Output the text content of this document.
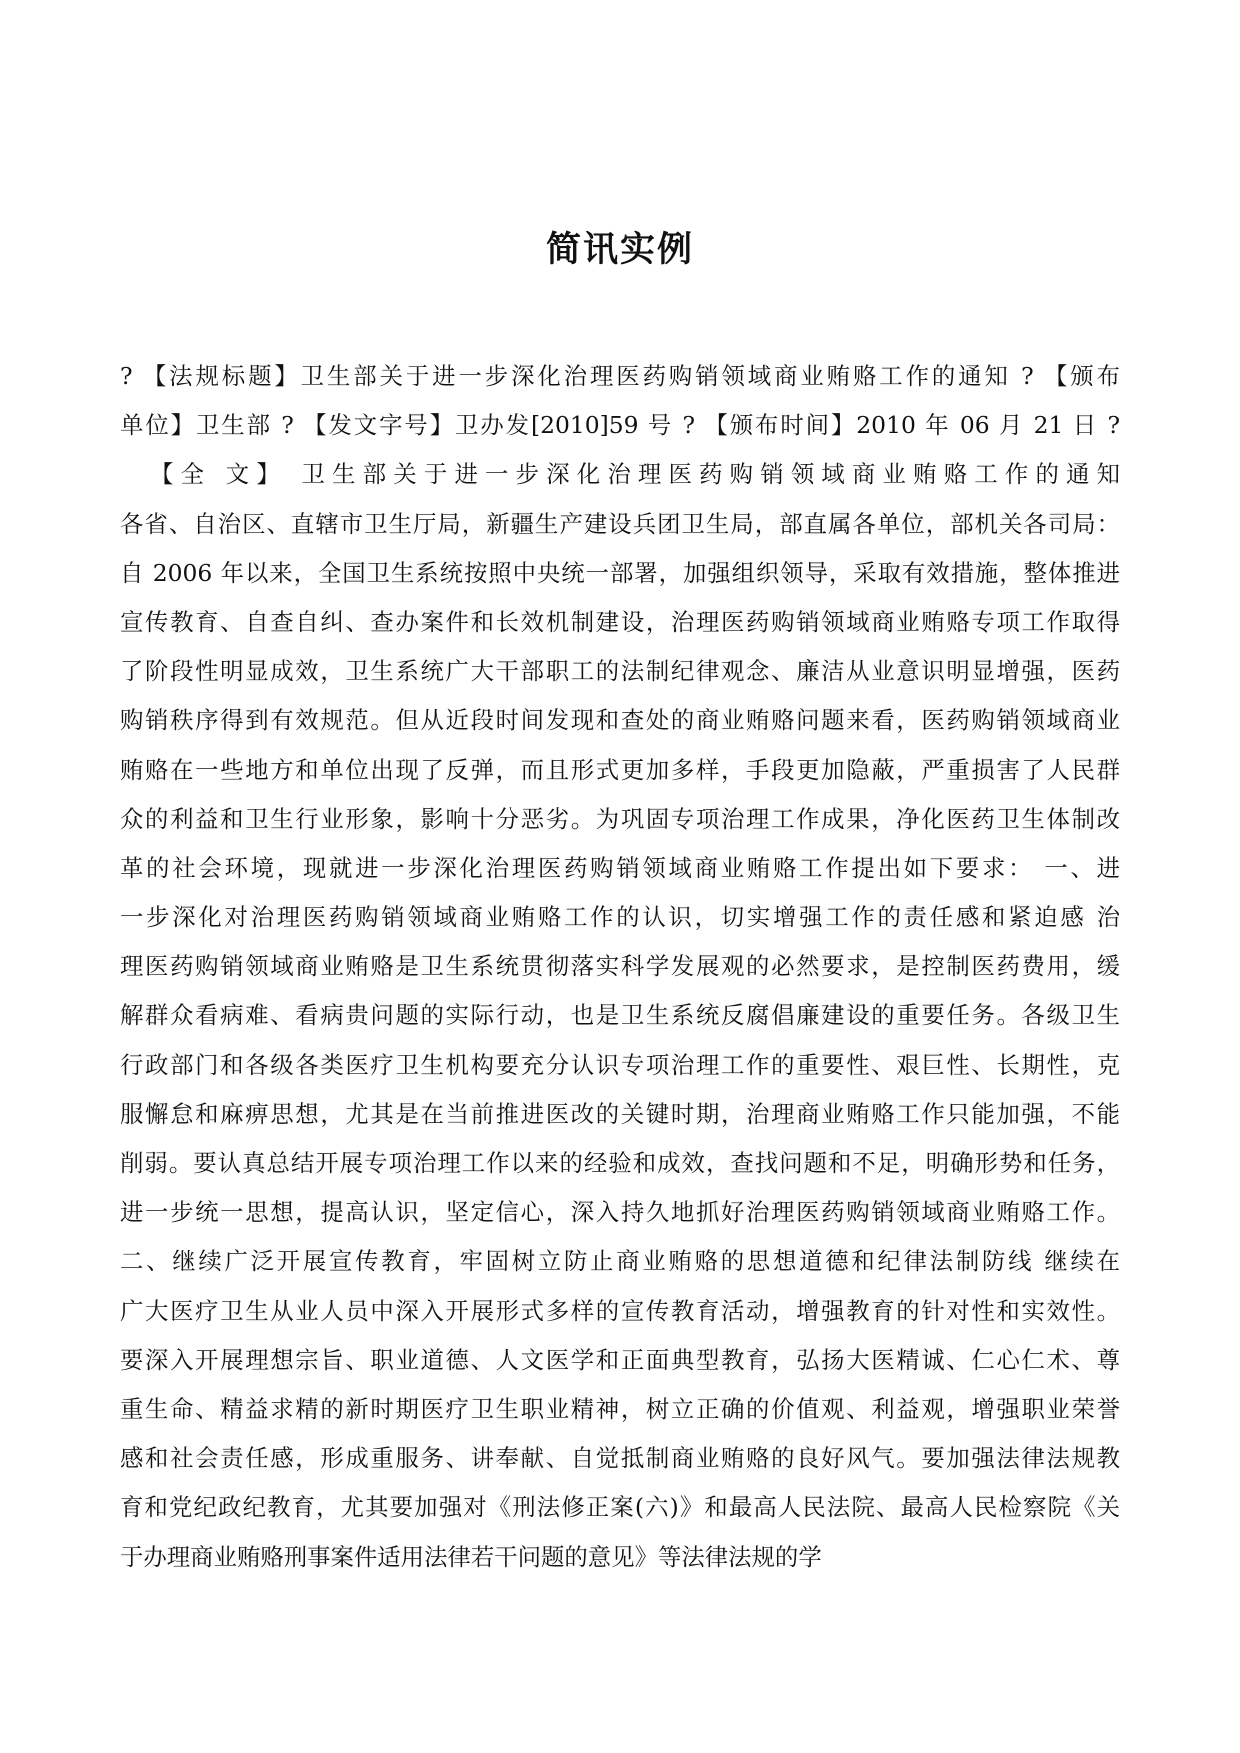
简讯实例
? 【法规标题】卫生部关于进一步深化治理医药购销领域商业贿赂工作的通知 ? 【颁布
单位】卫生部 ? 【发文字号】卫办发[2010]59 号 ? 【颁布时间】2010 年 06 月 21 日 ?
【全 文】 卫生部关于进一步深化治理医药购销领域商业贿赂工作的通知
各省、自治区、直辖市卫生厅局，新疆生产建设兵团卫生局，部直属各单位，部机关各司局：
自 2006 年以来，全国卫生系统按照中央统一部署，加强组织领导，采取有效措施，整体推进
宣传教育、自查自纠、查办案件和长效机制建设，治理医药购销领域商业贿赂专项工作取得
了阶段性明显成效，卫生系统广大干部职工的法制纪律观念、廉洁从业意识明显增强，医药
购销秩序得到有效规范。但从近段时间发现和查处的商业贿赂问题来看，医药购销领域商业
贿赂在一些地方和单位出现了反弹，而且形式更加多样，手段更加隐蔽，严重损害了人民群
众的利益和卫生行业形象，影响十分恶劣。为巩固专项治理工作成果，净化医药卫生体制改
革的社会环境，现就进一步深化治理医药购销领域商业贿赂工作提出如下要求： 一、进
一步深化对治理医药购销领域商业贿赂工作的认识，切实增强工作的责任感和紧迫感 治
理医药购销领域商业贿赂是卫生系统贯彻落实科学发展观的必然要求，是控制医药费用，缓
解群众看病难、看病贵问题的实际行动，也是卫生系统反腐倡廉建设的重要任务。各级卫生
行政部门和各级各类医疗卫生机构要充分认识专项治理工作的重要性、艰巨性、长期性，克
服懈怠和麻痹思想，尤其是在当前推进医改的关键时期，治理商业贿赂工作只能加强，不能
削弱。要认真总结开展专项治理工作以来的经验和成效，查找问题和不足，明确形势和任务，
进一步统一思想，提高认识，坚定信心，深入持久地抓好治理医药购销领域商业贿赂工作。
二、继续广泛开展宣传教育，牢固树立防止商业贿赂的思想道德和纪律法制防线 继续在
广大医疗卫生从业人员中深入开展形式多样的宣传教育活动，增强教育的针对性和实效性。
要深入开展理想宗旨、职业道德、人文医学和正面典型教育，弘扬大医精诚、仁心仁术、尊
重生命、精益求精的新时期医疗卫生职业精神，树立正确的价值观、利益观，增强职业荣誉
感和社会责任感，形成重服务、讲奉献、自觉抵制商业贿赂的良好风气。要加强法律法规教
育和党纪政纪教育，尤其要加强对《刑法修正案(六)》和最高人民法院、最高人民检察院《关
于办理商业贿赂刑事案件适用法律若干问题的意见》等法律法规的学
